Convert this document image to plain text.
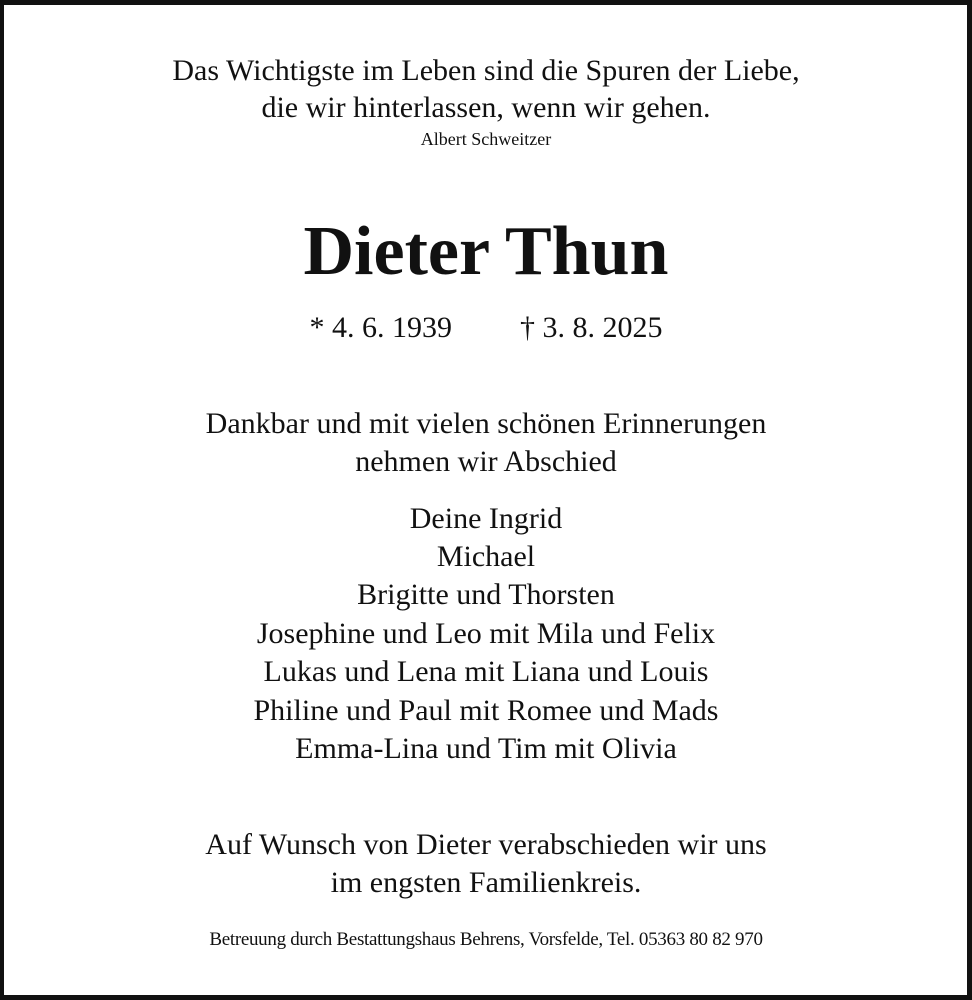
Das Wichtigste im Leben sind die Spuren der Liebe,
die wir hinterlassen, wenn wir gehen.
Albert Schweitzer
Dieter Thun
* 4. 6. 1939 † 3. 8. 2025
Dankbar und mit vielen schönen Erinnerungen
nehmen wir Abschied
Deine Ingrid
Michael
Brigitte und Thorsten
Josephine und Leo mit Mila und Felix
Lukas und Lena mit Liana und Louis
Philine und Paul mit Romee und Mads
Emma-Lina und Tim mit Olivia
Auf Wunsch von Dieter verabschieden wir uns
im engsten Familienkreis.
Betreuung durch Bestattungshaus Behrens, Vorsfelde, Tel. 05363 80 82 970
